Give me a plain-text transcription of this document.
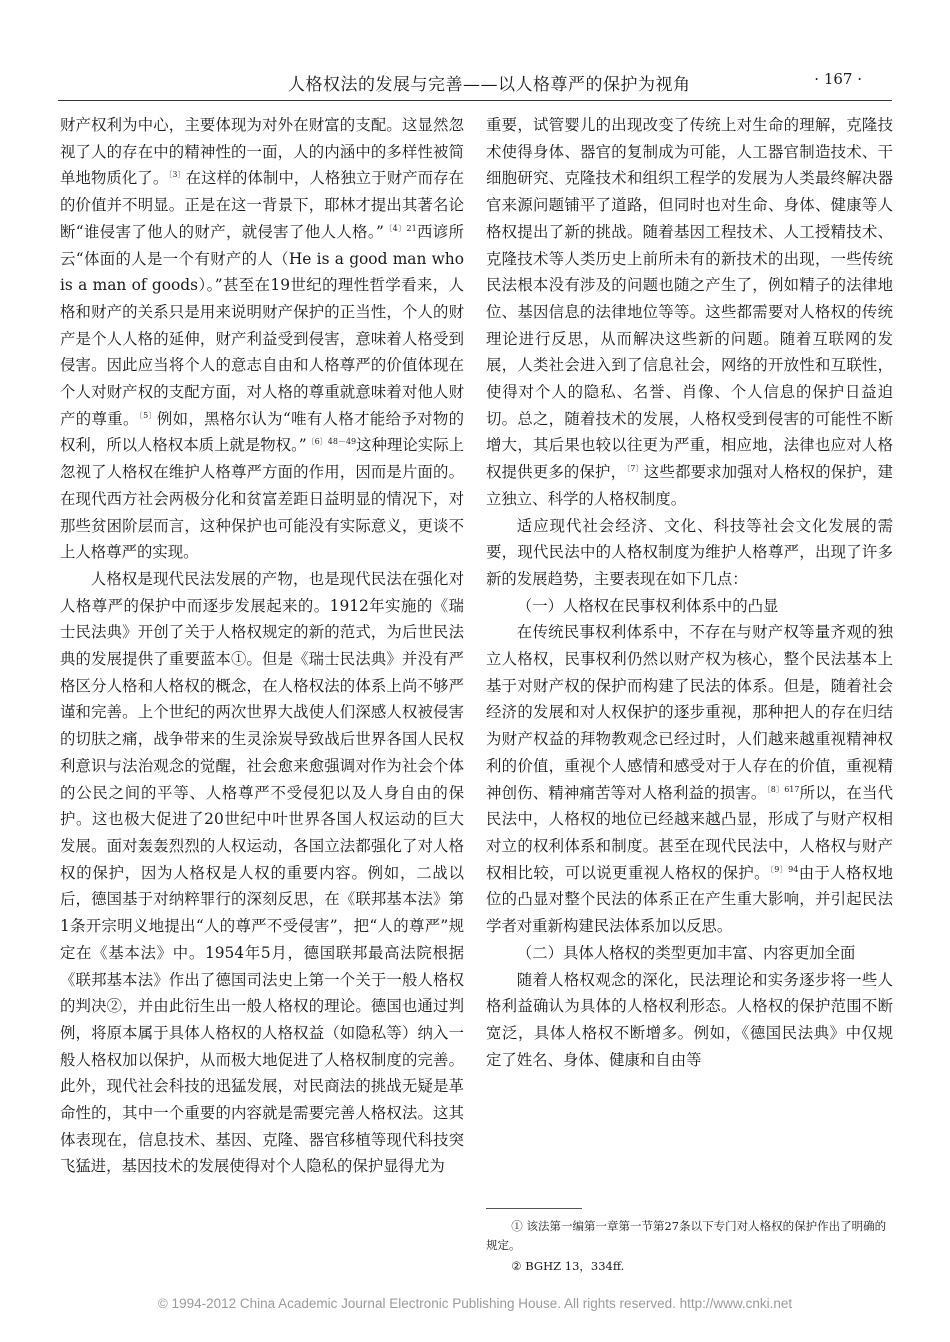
人格权法的发展与完善——以人格尊严的保护为视角	· 167 ·

财产权利为中心，主要体现为对外在财富的支配。这显然忽视了人的存在中的精神性的一面，人的内涵中的多样性被简单地物质化了。$^{〔3〕}$在这样的体制中，人格独立于财产而存在的价值并不明显。正是在这一背景下，耶林才提出其著名论断“谁侵害了他人的财产，就侵害了他人人格。”$^{〔4〕21}$西谚所云“体面的人是一个有财产的人（He is a good man who is a man of goods）。”甚至在19世纪的理性哲学看来，人格和财产的关系只是用来说明财产保护的正当性，个人的财产是个人人格的延伸，财产利益受到侵害，意味着人格受到侵害。因此应当将个人的意志自由和人格尊严的价值体现在个人对财产权的支配方面，对人格的尊重就意味着对他人财产的尊重。$^{〔5〕}$例如，黑格尔认为“唯有人格才能给予对物的权利，所以人格权本质上就是物权。”$^{〔6〕48-49}$这种理论实际上忽视了人格权在维护人格尊严方面的作用，因而是片面的。在现代西方社会两极分化和贫富差距日益明显的情况下，对那些贫困阶层而言，这种保护也可能没有实际意义，更谈不上人格尊严的实现。

人格权是现代民法发展的产物，也是现代民法在强化对人格尊严的保护中而逐步发展起来的。1912年实施的《瑞士民法典》开创了关于人格权规定的新的范式，为后世民法典的发展提供了重要蓝本①。但是《瑞士民法典》并没有严格区分人格和人格权的概念，在人格权法的体系上尚不够严谨和完善。上个世纪的两次世界大战使人们深感人权被侵害的切肤之痛，战争带来的生灵涂炭导致战后世界各国人民权利意识与法治观念的觉醒，社会愈来愈强调对作为社会个体的公民之间的平等、人格尊严不受侵犯以及人身自由的保护。这也极大促进了20世纪中叶世界各国人权运动的巨大发展。面对轰轰烈烈的人权运动，各国立法都强化了对人格权的保护，因为人格权是人权的重要内容。例如，二战以后，德国基于对纳粹罪行的深刻反思，在《联邦基本法》第1条开宗明义地提出“人的尊严不受侵害”，把“人的尊严”规定在《基本法》中。1954年5月，德国联邦最高法院根据《联邦基本法》作出了德国司法史上第一个关于一般人格权的判决②，并由此衍生出一般人格权的理论。德国也通过判例，将原本属于具体人格权的人格权益（如隐私等）纳入一般人格权加以保护，从而极大地促进了人格权制度的完善。此外，现代社会科技的迅猛发展，对民商法的挑战无疑是革命性的，其中一个重要的内容就是需要完善人格权法。这其体表现在，信息技术、基因、克隆、器官移植等现代科技突飞猛进，基因技术的发展使得对个人隐私的保护显得尤为

重要，试管婴儿的出现改变了传统上对生命的理解，克隆技术使得身体、器官的复制成为可能，人工器官制造技术、干细胞研究、克隆技术和组织工程学的发展为人类最终解决器官来源问题铺平了道路，但同时也对生命、身体、健康等人格权提出了新的挑战。随着基因工程技术、人工授精技术、克隆技术等人类历史上前所未有的新技术的出现，一些传统民法根本没有涉及的问题也随之产生了，例如精子的法律地位、基因信息的法律地位等等。这些都需要对人格权的传统理论进行反思，从而解决这些新的问题。随着互联网的发展，人类社会进入到了信息社会，网络的开放性和互联性，使得对个人的隐私、名誉、肖像、个人信息的保护日益迫切。总之，随着技术的发展，人格权受到侵害的可能性不断增大，其后果也较以往更为严重，相应地，法律也应对人格权提供更多的保护，$^{〔7〕}$这些都要求加强对人格权的保护，建立独立、科学的人格权制度。

适应现代社会经济、文化、科技等社会文化发展的需要，现代民法中的人格权制度为维护人格尊严，出现了许多新的发展趋势，主要表现在如下几点：

（一）人格权在民事权利体系中的凸显

在传统民事权利体系中，不存在与财产权等量齐观的独立人格权，民事权利仍然以财产权为核心，整个民法基本上基于对财产权的保护而构建了民法的体系。但是，随着社会经济的发展和对人权保护的逐步重视，那种把人的存在归结为财产权益的拜物教观念已经过时，人们越来越重视精神权利的价值，重视个人感情和感受对于人存在的价值，重视精神创伤、精神痛苦等对人格利益的损害。$^{〔8〕617}$所以，在当代民法中，人格权的地位已经越来越凸显，形成了与财产权相对立的权利体系和制度。甚至在现代民法中，人格权与财产权相比较，可以说更重视人格权的保护。$^{〔9〕94}$由于人格权地位的凸显对整个民法的体系正在产生重大影响，并引起民法学者对重新构建民法体系加以反思。

（二）具体人格权的类型更加丰富、内容更加全面

随着人格权观念的深化，民法理论和实务逐步将一些人格利益确认为具体的人格权利形态。人格权的保护范围不断宽泛，具体人格权不断增多。例如，《德国民法典》中仅规定了姓名、身体、健康和自由等

① 该法第一编第一章第一节第27条以下专门对人格权的保护作出了明确的规定。

② BGHZ 13，334ff.

© 1994-2012 China Academic Journal Electronic Publishing House. All rights reserved. http://www.cnki.net
